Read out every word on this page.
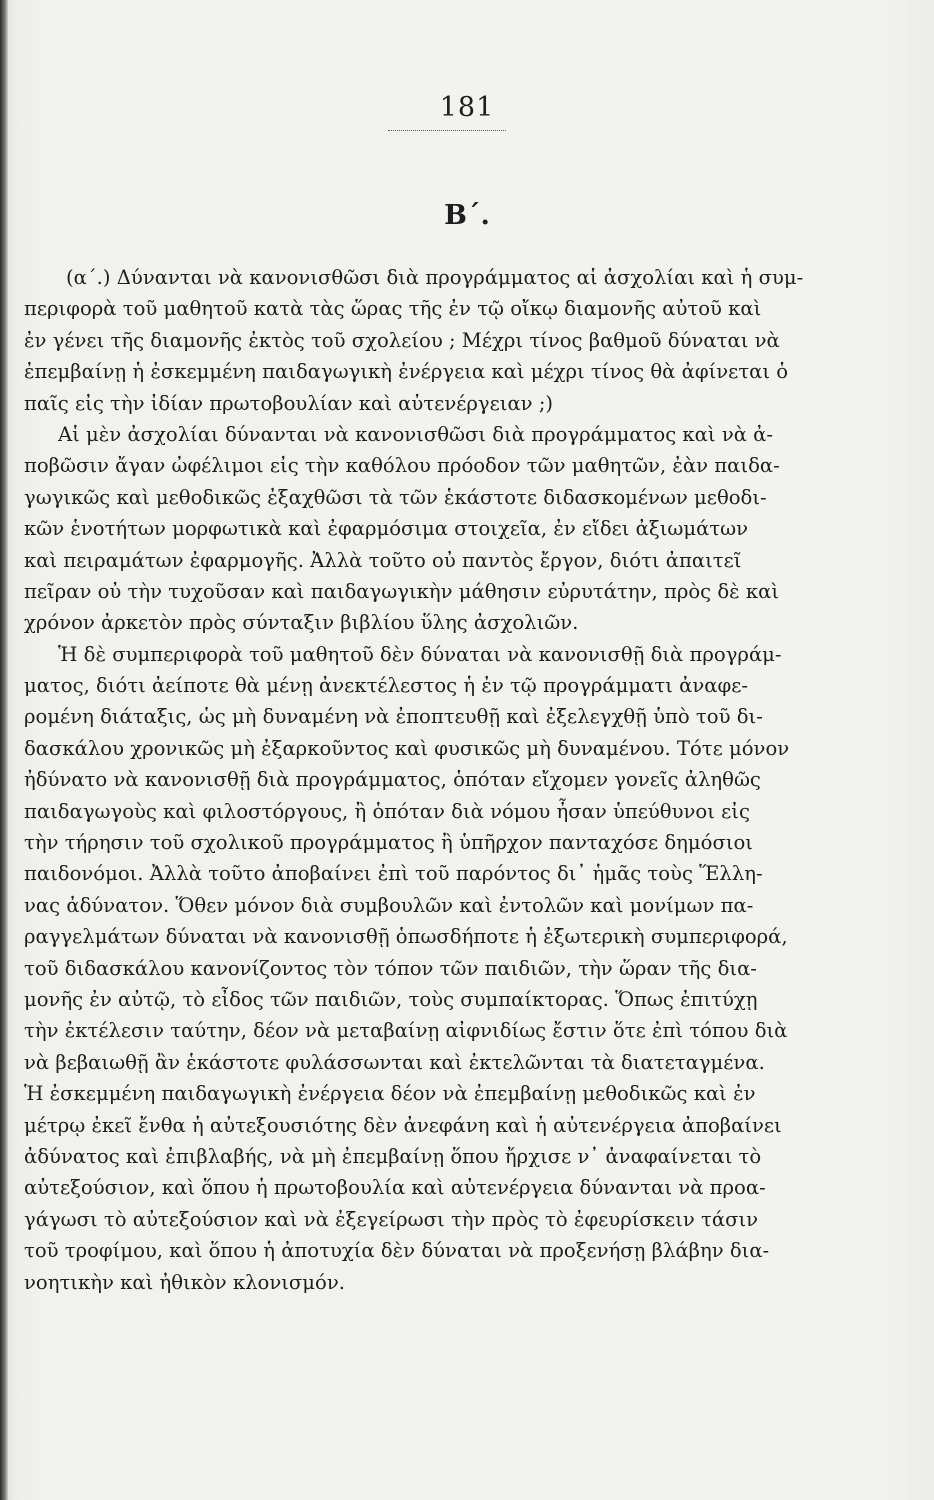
181
Β΄.
(α΄.) Δύνανται νὰ κανονισθῶσι διὰ προγράμματος αἱ ἀσχολίαι καὶ ἡ συμ-
περιφορὰ τοῦ μαθητοῦ κατὰ τὰς ὥρας τῆς ἐν τῷ οἴκῳ διαμονῆς αὐτοῦ καὶ
ἐν γένει τῆς διαμονῆς ἐκτὸς τοῦ σχολείου ; Μέχρι τίνος βαθμοῦ δύναται νὰ
ἐπεμβαίνῃ ἡ ἐσκεμμένη παιδαγωγικὴ ἐνέργεια καὶ μέχρι τίνος θὰ ἀφίνεται ὁ
παῖς εἰς τὴν ἰδίαν πρωτοβουλίαν καὶ αὐτενέργειαν ;)
Αἱ μὲν ἀσχολίαι δύνανται νὰ κανονισθῶσι διὰ προγράμματος καὶ νὰ ἀ-
ποβῶσιν ἄγαν ὠφέλιμοι εἰς τὴν καθόλου πρόοδον τῶν μαθητῶν, ἐὰν παιδα-
γωγικῶς καὶ μεθοδικῶς ἐξαχθῶσι τὰ τῶν ἑκάστοτε διδασκομένων μεθοδι-
κῶν ἑνοτήτων μορφωτικὰ καὶ ἐφαρμόσιμα στοιχεῖα, ἐν εἴδει ἀξιωμάτων
καὶ πειραμάτων ἐφαρμογῆς. Ἀλλὰ τοῦτο οὐ παντὸς ἔργον, διότι ἀπαιτεῖ
πεῖραν οὐ τὴν τυχοῦσαν καὶ παιδαγωγικὴν μάθησιν εὐρυτάτην, πρὸς δὲ καὶ
χρόνον ἀρκετὸν πρὸς σύνταξιν βιβλίου ὕλης ἀσχολιῶν.
Ἡ δὲ συμπεριφορὰ τοῦ μαθητοῦ δὲν δύναται νὰ κανονισθῇ διὰ προγράμ-
ματος, διότι ἀείποτε θὰ μένῃ ἀνεκτέλεστος ἡ ἐν τῷ προγράμματι ἀναφε-
ρομένη διάταξις, ὡς μὴ δυναμένη νὰ ἐποπτευθῇ καὶ ἐξελεγχθῇ ὑπὸ τοῦ δι-
δασκάλου χρονικῶς μὴ ἐξαρκοῦντος καὶ φυσικῶς μὴ δυναμένου. Τότε μόνον
ἠδύνατο νὰ κανονισθῇ διὰ προγράμματος, ὁπόταν εἴχομεν γονεῖς ἀληθῶς
παιδαγωγοὺς καὶ φιλοστόργους, ἢ ὁπόταν διὰ νόμου ἦσαν ὑπεύθυνοι εἰς
τὴν τήρησιν τοῦ σχολικοῦ προγράμματος ἢ ὑπῆρχον πανταχόσε δημόσιοι
παιδονόμοι. Ἀλλὰ τοῦτο ἀποβαίνει ἐπὶ τοῦ παρόντος δι᾽ ἡμᾶς τοὺς Ἕλλη-
νας ἀδύνατον. Ὅθεν μόνον διὰ συμβουλῶν καὶ ἐντολῶν καὶ μονίμων πα-
ραγγελμάτων δύναται νὰ κανονισθῇ ὁπωσδήποτε ἡ ἐξωτερικὴ συμπεριφορά,
τοῦ διδασκάλου κανονίζοντος τὸν τόπον τῶν παιδιῶν, τὴν ὥραν τῆς δια-
μονῆς ἐν αὐτῷ, τὸ εἶδος τῶν παιδιῶν, τοὺς συμπαίκτορας. Ὅπως ἐπιτύχῃ
τὴν ἐκτέλεσιν ταύτην, δέον νὰ μεταβαίνῃ αἰφνιδίως ἔστιν ὅτε ἐπὶ τόπου διὰ
νὰ βεβαιωθῇ ἂν ἑκάστοτε φυλάσσωνται καὶ ἐκτελῶνται τὰ διατεταγμένα.
Ἡ ἐσκεμμένη παιδαγωγικὴ ἐνέργεια δέον νὰ ἐπεμβαίνῃ μεθοδικῶς καὶ ἐν
μέτρῳ ἐκεῖ ἔνθα ἡ αὐτεξουσιότης δὲν ἀνεφάνη καὶ ἡ αὐτενέργεια ἀποβαίνει
ἀδύνατος καὶ ἐπιβλαβής, νὰ μὴ ἐπεμβαίνῃ ὅπου ἤρχισε ν᾽ ἀναφαίνεται τὸ
αὐτεξούσιον, καὶ ὅπου ἡ πρωτοβουλία καὶ αὐτενέργεια δύνανται νὰ προα-
γάγωσι τὸ αὐτεξούσιον καὶ νὰ ἐξεγείρωσι τὴν πρὸς τὸ ἐφευρίσκειν τάσιν
τοῦ τροφίμου, καὶ ὅπου ἡ ἀποτυχία δὲν δύναται νὰ προξενήσῃ βλάβην δια-
νοητικὴν καὶ ἠθικὸν κλονισμόν.
